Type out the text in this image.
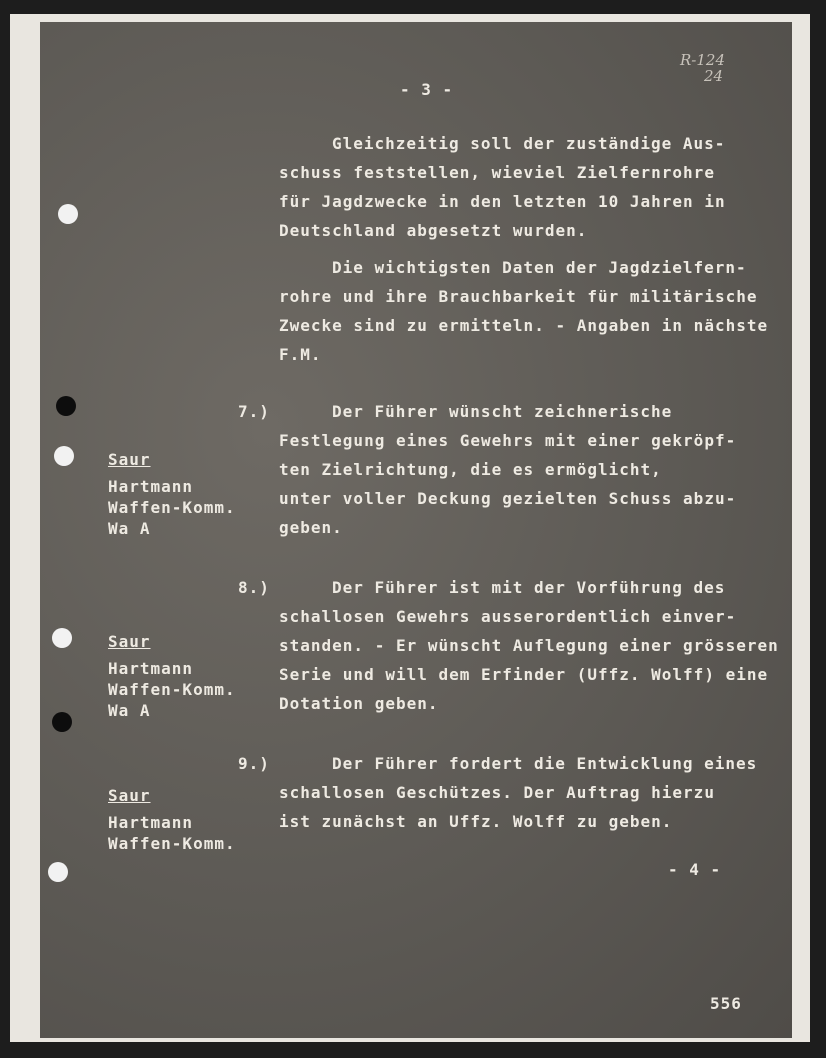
- 3 -
R-124
24
Gleichzeitig soll der zuständige Aus-
schuss feststellen, wieviel Zielfernrohre
für Jagdzwecke in den letzten 10 Jahren in
Deutschland abgesetzt wurden.
Die wichtigsten Daten der Jagdzielfern-
rohre und ihre Brauchbarkeit für militärische
Zwecke sind zu ermitteln. - Angaben in nächste
F.M.
7.)	Der Führer wünscht zeichnerische
Festlegung eines Gewehrs mit einer gekröpf-
ten Zielrichtung, die es ermöglicht,
unter voller Deckung gezielten Schuss abzu-
geben.
Saur
Hartmann
Waffen-Komm.
Wa A
8.)	Der Führer ist mit der Vorführung des
schallosen Gewehrs ausserordentlich einver-
standen. - Er wünscht Auflegung einer grösseren
Serie und will dem Erfinder (Uffz. Wolff) eine
Dotation geben.
Saur
Hartmann
Waffen-Komm.
Wa A
9.)	Der Führer fordert die Entwicklung eines
schallosen Geschützes. Der Auftrag hierzu
ist zunächst an Uffz. Wolff zu geben.
Saur
Hartmann
Waffen-Komm.
- 4 -
556
